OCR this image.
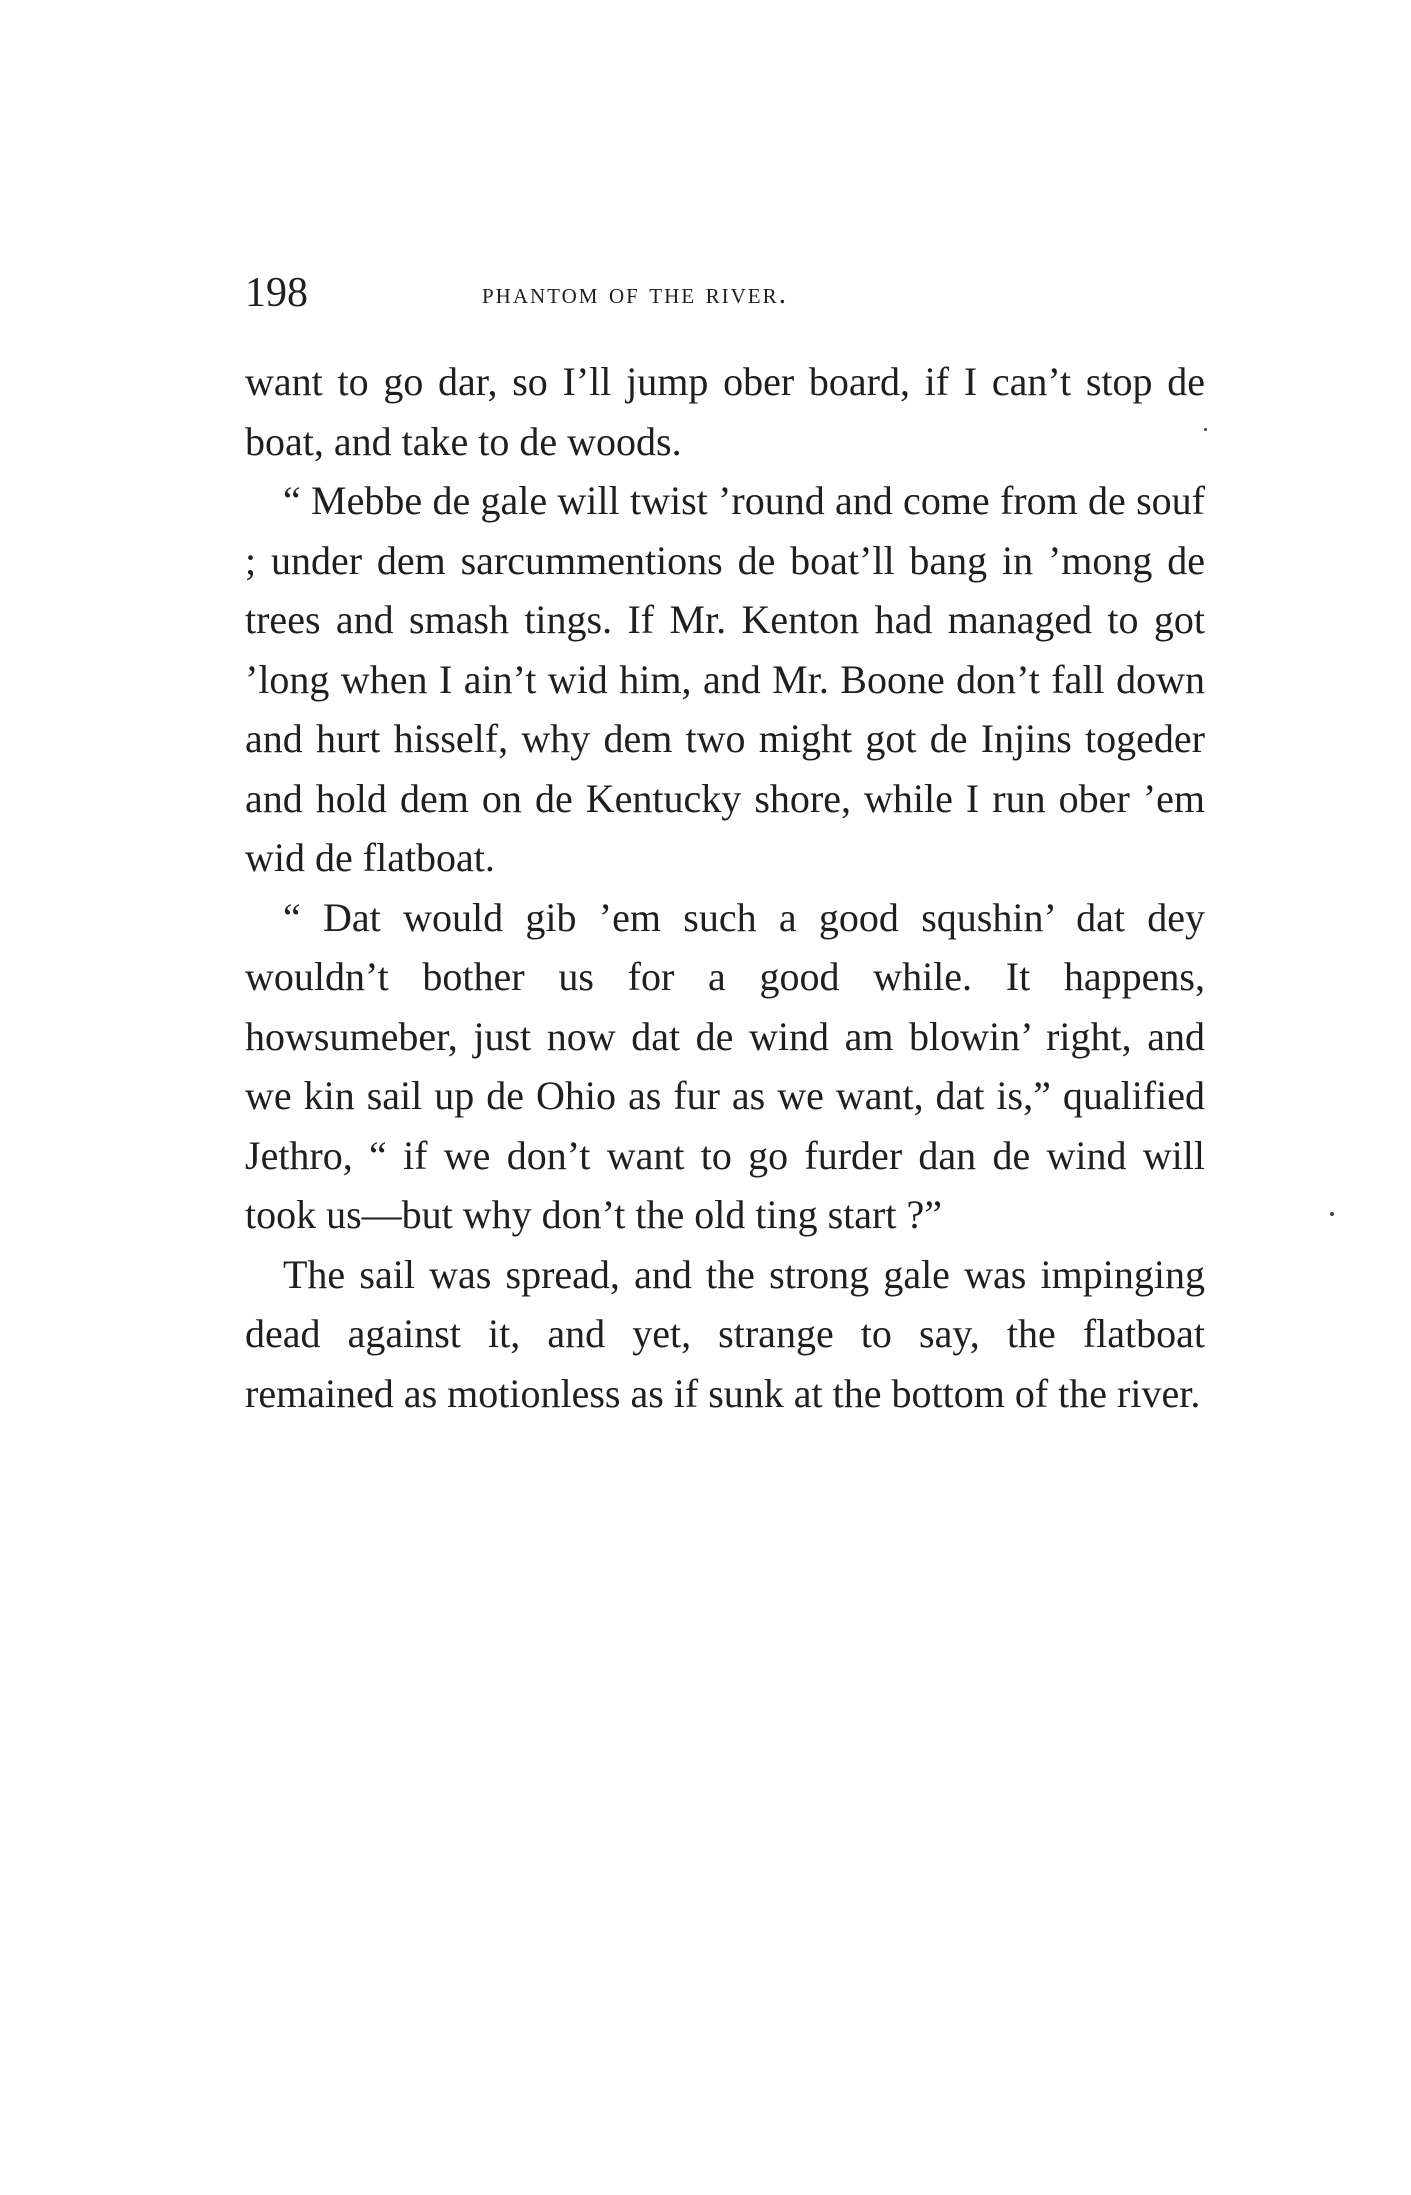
198	phantom of the river.

want to go dar, so I’ll jump ober board, if I can’t stop de boat, and take to de woods.

“ Mebbe de gale will twist ’round and come from de souf ; under dem sarcummentions de boat’ll bang in ’mong de trees and smash tings. If Mr. Kenton had managed to got ’long when I ain’t wid him, and Mr. Boone don’t fall down and hurt hisself, why dem two might got de Injins togeder and hold dem on de Kentucky shore, while I run ober ’em wid de flatboat.

“ Dat would gib ’em such a good squshin’ dat dey wouldn’t bother us for a good while. It happens, howsumeber, just now dat de wind am blowin’ right, and we kin sail up de Ohio as fur as we want, dat is,” qualified Jethro, “ if we don’t want to go furder dan de wind will took us—but why don’t the old ting start ?”

The sail was spread, and the strong gale was impinging dead against it, and yet, strange to say, the flatboat remained as motionless as if sunk at the bottom of the river.
